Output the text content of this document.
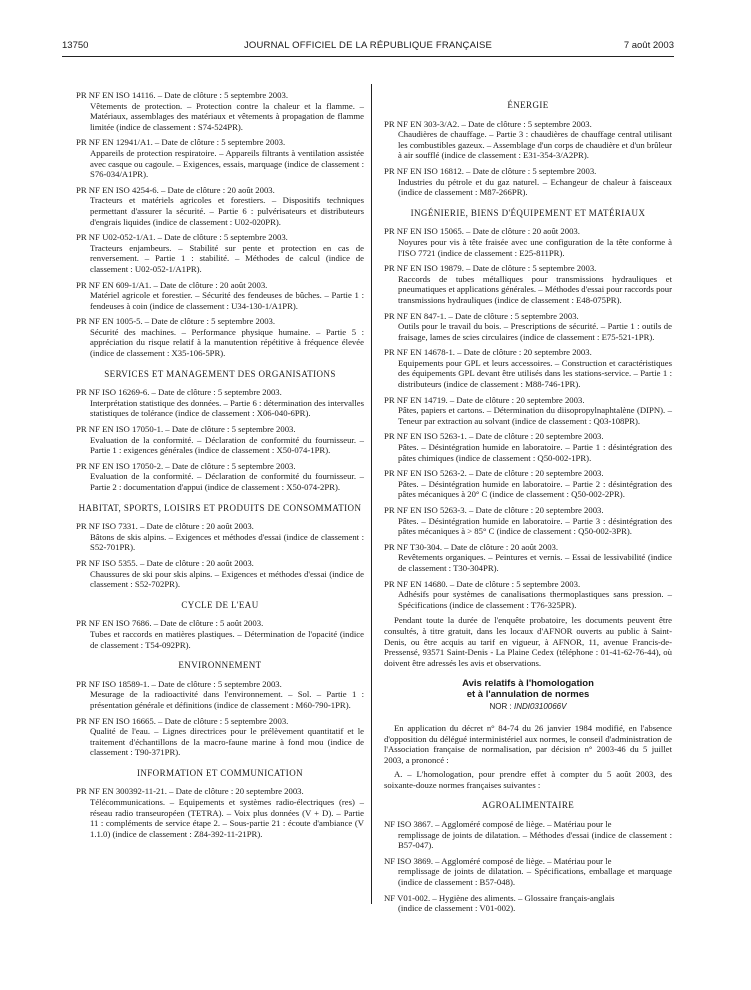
13750	JOURNAL OFFICIEL DE LA RÉPUBLIQUE FRANÇAISE	7 août 2003
PR NF EN ISO 14116. – Date de clôture : 5 septembre 2003.
Vêtements de protection. – Protection contre la chaleur et la flamme. – Matériaux, assemblages des matériaux et vêtements à propagation de flamme limitée (indice de classement : S74-524PR).
PR NF EN 12941/A1. – Date de clôture : 5 septembre 2003.
Appareils de protection respiratoire. – Appareils filtrants à ventilation assistée avec casque ou cagoule. – Exigences, essais, marquage (indice de classement : S76-034/A1PR).
PR NF EN ISO 4254-6. – Date de clôture : 20 août 2003.
Tracteurs et matériels agricoles et forestiers. – Dispositifs techniques permettant d'assurer la sécurité. – Partie 6 : pulvérisateurs et distributeurs d'engrais liquides (indice de classement : U02-020PR).
PR NF U02-052-1/A1. – Date de clôture : 5 septembre 2003.
Tracteurs enjambeurs. – Stabilité sur pente et protection en cas de renversement. – Partie 1 : stabilité. – Méthodes de calcul (indice de classement : U02-052-1/A1PR).
PR NF EN 609-1/A1. – Date de clôture : 20 août 2003.
Matériel agricole et forestier. – Sécurité des fendeuses de bûches. – Partie 1 : fendeuses à coin (indice de classement : U34-130-1/A1PR).
PR NF EN 1005-5. – Date de clôture : 5 septembre 2003.
Sécurité des machines. – Performance physique humaine. – Partie 5 : appréciation du risque relatif à la manutention répétitive à fréquence élevée (indice de classement : X35-106-5PR).
SERVICES ET MANAGEMENT DES ORGANISATIONS
PR NF ISO 16269-6. – Date de clôture : 5 septembre 2003.
Interprétation statistique des données. – Partie 6 : détermination des intervalles statistiques de tolérance (indice de classement : X06-040-6PR).
PR NF EN ISO 17050-1. – Date de clôture : 5 septembre 2003.
Evaluation de la conformité. – Déclaration de conformité du fournisseur. – Partie 1 : exigences générales (indice de classement : X50-074-1PR).
PR NF EN ISO 17050-2. – Date de clôture : 5 septembre 2003.
Evaluation de la conformité. – Déclaration de conformité du fournisseur. – Partie 2 : documentation d'appui (indice de classement : X50-074-2PR).
HABITAT, SPORTS, LOISIRS ET PRODUITS DE CONSOMMATION
PR NF ISO 7331. – Date de clôture : 20 août 2003.
Bâtons de skis alpins. – Exigences et méthodes d'essai (indice de classement : S52-701PR).
PR NF ISO 5355. – Date de clôture : 20 août 2003.
Chaussures de ski pour skis alpins. – Exigences et méthodes d'essai (indice de classement : S52-702PR).
CYCLE DE L'EAU
PR NF EN ISO 7686. – Date de clôture : 5 août 2003.
Tubes et raccords en matières plastiques. – Détermination de l'opacité (indice de classement : T54-092PR).
ENVIRONNEMENT
PR NF ISO 18589-1. – Date de clôture : 5 septembre 2003.
Mesurage de la radioactivité dans l'environnement. – Sol. – Partie 1 : présentation générale et définitions (indice de classement : M60-790-1PR).
PR NF EN ISO 16665. – Date de clôture : 5 septembre 2003.
Qualité de l'eau. – Lignes directrices pour le prélèvement quantitatif et le traitement d'échantillons de la macro-faune marine à fond mou (indice de classement : T90-371PR).
INFORMATION ET COMMUNICATION
PR NF EN 300392-11-21. – Date de clôture : 20 septembre 2003.
Télécommunications. – Equipements et systèmes radio-électriques (res) – réseau radio transeuropéen (TETRA). – Voix plus données (V + D). – Partie 11 : compléments de service étape 2. – Sous-partie 21 : écoute d'ambiance (V 1.1.0) (indice de classement : Z84-392-11-21PR).
ÉNERGIE
PR NF EN 303-3/A2. – Date de clôture : 5 septembre 2003.
Chaudières de chauffage. – Partie 3 : chaudières de chauffage central utilisant les combustibles gazeux. – Assemblage d'un corps de chaudière et d'un brûleur à air soufflé (indice de classement : E31-354-3/A2PR).
PR NF EN ISO 16812. – Date de clôture : 5 septembre 2003.
Industries du pétrole et du gaz naturel. – Echangeur de chaleur à faisceaux (indice de classement : M87-266PR).
INGÉNIERIE, BIENS D'ÉQUIPEMENT ET MATÉRIAUX
PR NF EN ISO 15065. – Date de clôture : 20 août 2003.
Noyures pour vis à tête fraisée avec une configuration de la tête conforme à l'ISO 7721 (indice de classement : E25-811PR).
PR NF EN ISO 19879. – Date de clôture : 5 septembre 2003.
Raccords de tubes métalliques pour transmissions hydrauliques et pneumatiques et applications générales. – Méthodes d'essai pour raccords pour transmissions hydrauliques (indice de classement : E48-075PR).
PR NF EN 847-1. – Date de clôture : 5 septembre 2003.
Outils pour le travail du bois. – Prescriptions de sécurité. – Partie 1 : outils de fraisage, lames de scies circulaires (indice de classement : E75-521-1PR).
PR NF EN 14678-1. – Date de clôture : 20 septembre 2003.
Equipements pour GPL et leurs accessoires. – Construction et caractéristiques des équipements GPL devant être utilisés dans les stations-service. – Partie 1 : distributeurs (indice de classement : M88-746-1PR).
PR NF EN 14719. – Date de clôture : 20 septembre 2003.
Pâtes, papiers et cartons. – Détermination du diisopropylnaphtalène (DIPN). – Teneur par extraction au solvant (indice de classement : Q03-108PR).
PR NF EN ISO 5263-1. – Date de clôture : 20 septembre 2003.
Pâtes. – Désintégration humide en laboratoire. – Partie 1 : désintégration des pâtes chimiques (indice de classement : Q50-002-1PR).
PR NF EN ISO 5263-2. – Date de clôture : 20 septembre 2003.
Pâtes. – Désintégration humide en laboratoire. – Partie 2 : désintégration des pâtes mécaniques à 20° C (indice de classement : Q50-002-2PR).
PR NF EN ISO 5263-3. – Date de clôture : 20 septembre 2003.
Pâtes. – Désintégration humide en laboratoire. – Partie 3 : désintégration des pâtes mécaniques à > 85° C (indice de classement : Q50-002-3PR).
PR NF T30-304. – Date de clôture : 20 août 2003.
Revêtements organiques. – Peintures et vernis. – Essai de lessivabilité (indice de classement : T30-304PR).
PR NF EN 14680. – Date de clôture : 5 septembre 2003.
Adhésifs pour systèmes de canalisations thermoplastiques sans pression. – Spécifications (indice de classement : T76-325PR).
Pendant toute la durée de l'enquête probatoire, les documents peuvent être consultés, à titre gratuit, dans les locaux d'AFNOR ouverts au public à Saint-Denis, ou être acquis au tarif en vigueur, à AFNOR, 11, avenue Francis-de-Pressensé, 93571 Saint-Denis - La Plaine Cedex (téléphone : 01-41-62-76-44), où doivent être adressés les avis et observations.
Avis relatifs à l'homologation
et à l'annulation de normes
NOR : INDI0310066V
En application du décret n° 84-74 du 26 janvier 1984 modifié, en l'absence d'opposition du délégué interministériel aux normes, le conseil d'administration de l'Association française de normalisation, par décision n° 2003-46 du 5 juillet 2003, a prononcé :
A. – L'homologation, pour prendre effet à compter du 5 août 2003, des soixante-douze normes françaises suivantes :
AGROALIMENTAIRE
NF ISO 3867. – Aggloméré composé de liège. – Matériau pour le
remplissage de joints de dilatation. – Méthodes d'essai (indice de classement : B57-047).
NF ISO 3869. – Aggloméré composé de liège. – Matériau pour le
remplissage de joints de dilatation. – Spécifications, emballage et marquage (indice de classement : B57-048).
NF V01-002. – Hygiène des aliments. – Glossaire français-anglais
(indice de classement : V01-002).
